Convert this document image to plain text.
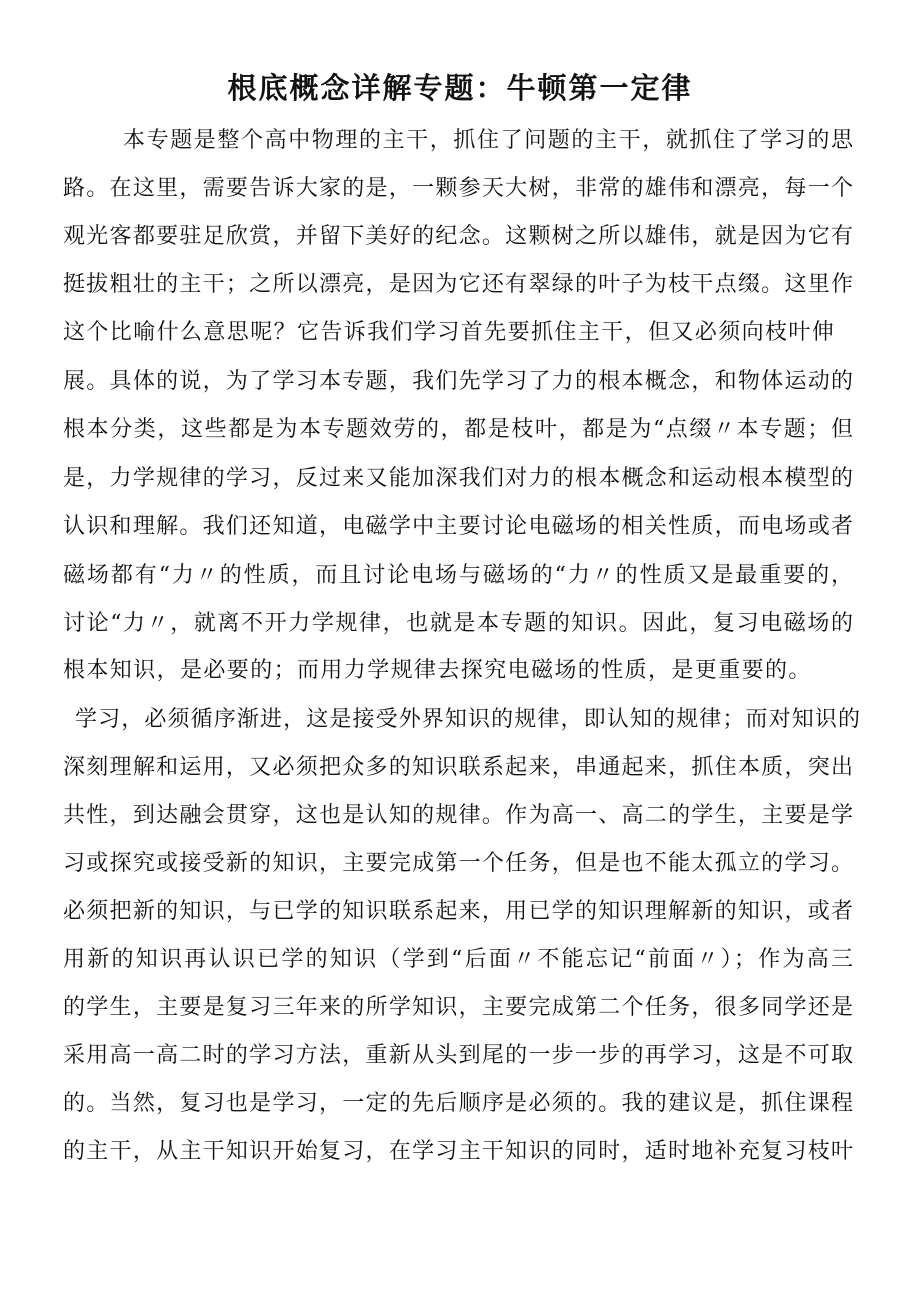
根底概念详解专题：牛顿第一定律
本专题是整个高中物理的主干，抓住了问题的主干，就抓住了学习的思
路。在这里，需要告诉大家的是，一颗参天大树，非常的雄伟和漂亮，每一个
观光客都要驻足欣赏，并留下美好的纪念。这颗树之所以雄伟，就是因为它有
挺拔粗壮的主干；之所以漂亮，是因为它还有翠绿的叶子为枝干点缀。这里作
这个比喻什么意思呢？它告诉我们学习首先要抓住主干，但又必须向枝叶伸
展。具体的说，为了学习本专题，我们先学习了力的根本概念，和物体运动的
根本分类，这些都是为本专题效劳的，都是枝叶，都是为“点缀〃本专题；但
是，力学规律的学习，反过来又能加深我们对力的根本概念和运动根本模型的
认识和理解。我们还知道，电磁学中主要讨论电磁场的相关性质，而电场或者
磁场都有“力〃的性质，而且讨论电场与磁场的“力〃的性质又是最重要的，
讨论“力〃，就离不开力学规律，也就是本专题的知识。因此，复习电磁场的
根本知识，是必要的；而用力学规律去探究电磁场的性质，是更重要的。
学习，必须循序渐进，这是接受外界知识的规律，即认知的规律；而对知识的
深刻理解和运用，又必须把众多的知识联系起来，串通起来，抓住本质，突出
共性，到达融会贯穿，这也是认知的规律。作为高一、高二的学生，主要是学
习或探究或接受新的知识，主要完成第一个任务，但是也不能太孤立的学习。
必须把新的知识，与已学的知识联系起来，用已学的知识理解新的知识，或者
用新的知识再认识已学的知识（学到“后面〃不能忘记“前面〃）；作为高三
的学生，主要是复习三年来的所学知识，主要完成第二个任务，很多同学还是
采用高一高二时的学习方法，重新从头到尾的一步一步的再学习，这是不可取
的。当然，复习也是学习，一定的先后顺序是必须的。我的建议是，抓住课程
的主干，从主干知识开始复习，在学习主干知识的同时，适时地补充复习枝叶
